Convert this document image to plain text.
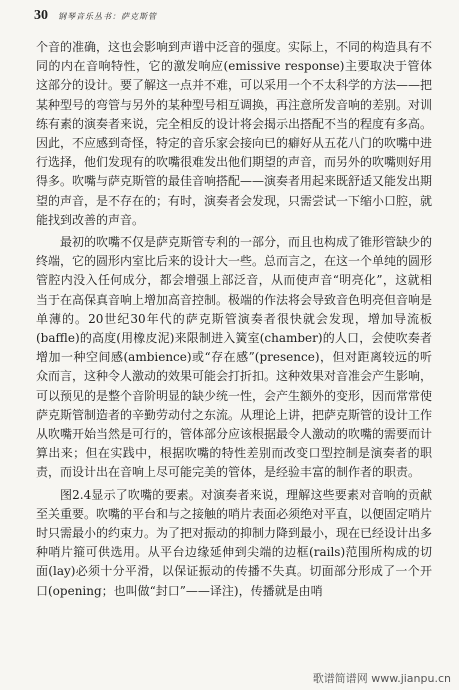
30 钢琴音乐丛书：萨克斯管

个音的准确，这也会影响到声谱中泛音的强度。实际上，不同的构造具有不同的内在音响特性，它的激发响应(emissive response)主要取决于管体这部分的设计。要了解这一点并不难，可以采用一个不太科学的方法——把某种型号的弯管与另外的某种型号相互调换，再注意所发音响的差别。对训练有素的演奏者来说，完全相反的设计将会揭示出搭配不当的程度有多高。因此，不应感到奇怪，特定的音乐家会接向已的癖好从五花八门的吹嘴中进行选择，他们发现有的吹嘴很难发出他们期望的声音，而另外的吹嘴则好用得多。吹嘴与萨克斯管的最佳音响搭配——演奏者用起来既舒适又能发出期望的声音，是不存在的；有时，演奏者会发现，只需尝试一下缩小口腔，就能找到改善的声音。

最初的吹嘴不仅是萨克斯管专利的一部分，而且也构成了锥形管缺少的终端，它的圆形内室比后来的设计大一些。总而言之，在这一个单纯的圆形管腔内没入任何成分，都会增强上部泛音，从而使声音“明亮化”，这就相当于在高保真音响上增加高音控制。极端的作法将会导致音色明亮但音响是单薄的。20世纪30年代的萨克斯管演奏者很快就会发现，增加导流板(baffle)的高度(用橡皮泥)来限制进入簧室(chamber)的人口，会使吹奏者增加一种空间感(ambience)或“存在感”(presence)，但对距离较远的听众而言，这种令人激动的效果可能会打折扣。这种效果对音准会产生影响，可以预见的是整个音阶明显的缺少统一性，会产生额外的变形，因而常常使萨克斯管制造者的辛勤劳动付之东流。从理论上讲，把萨克斯管的设计工作从吹嘴开始当然是可行的，管体部分应该根据最令人激动的吹嘴的需要而计算出来；但在实践中，根据吹嘴的特性差别而改变口型控制是演奏者的职责，而设计出在音响上尽可能完美的管体，是经验丰富的制作者的职责。

图2.4显示了吹嘴的要素。对演奏者来说，理解这些要素对音响的贡献至关重要。吹嘴的平台和与之接触的哨片表面必须绝对平直，以便固定哨片时只需最小的约束力。为了把对振动的抑制力降到最小，现在已经设计出多种哨片箍可供选用。从平台边缘延伸到尖端的边框(rails)范围所构成的切面(lay)必须十分平滑，以保证振动的传播不失真。切面部分形成了一个开口(opening；也叫做“封口”——译注)，传播就是由哨

歌谱简谱网 www.jianpu.cn
